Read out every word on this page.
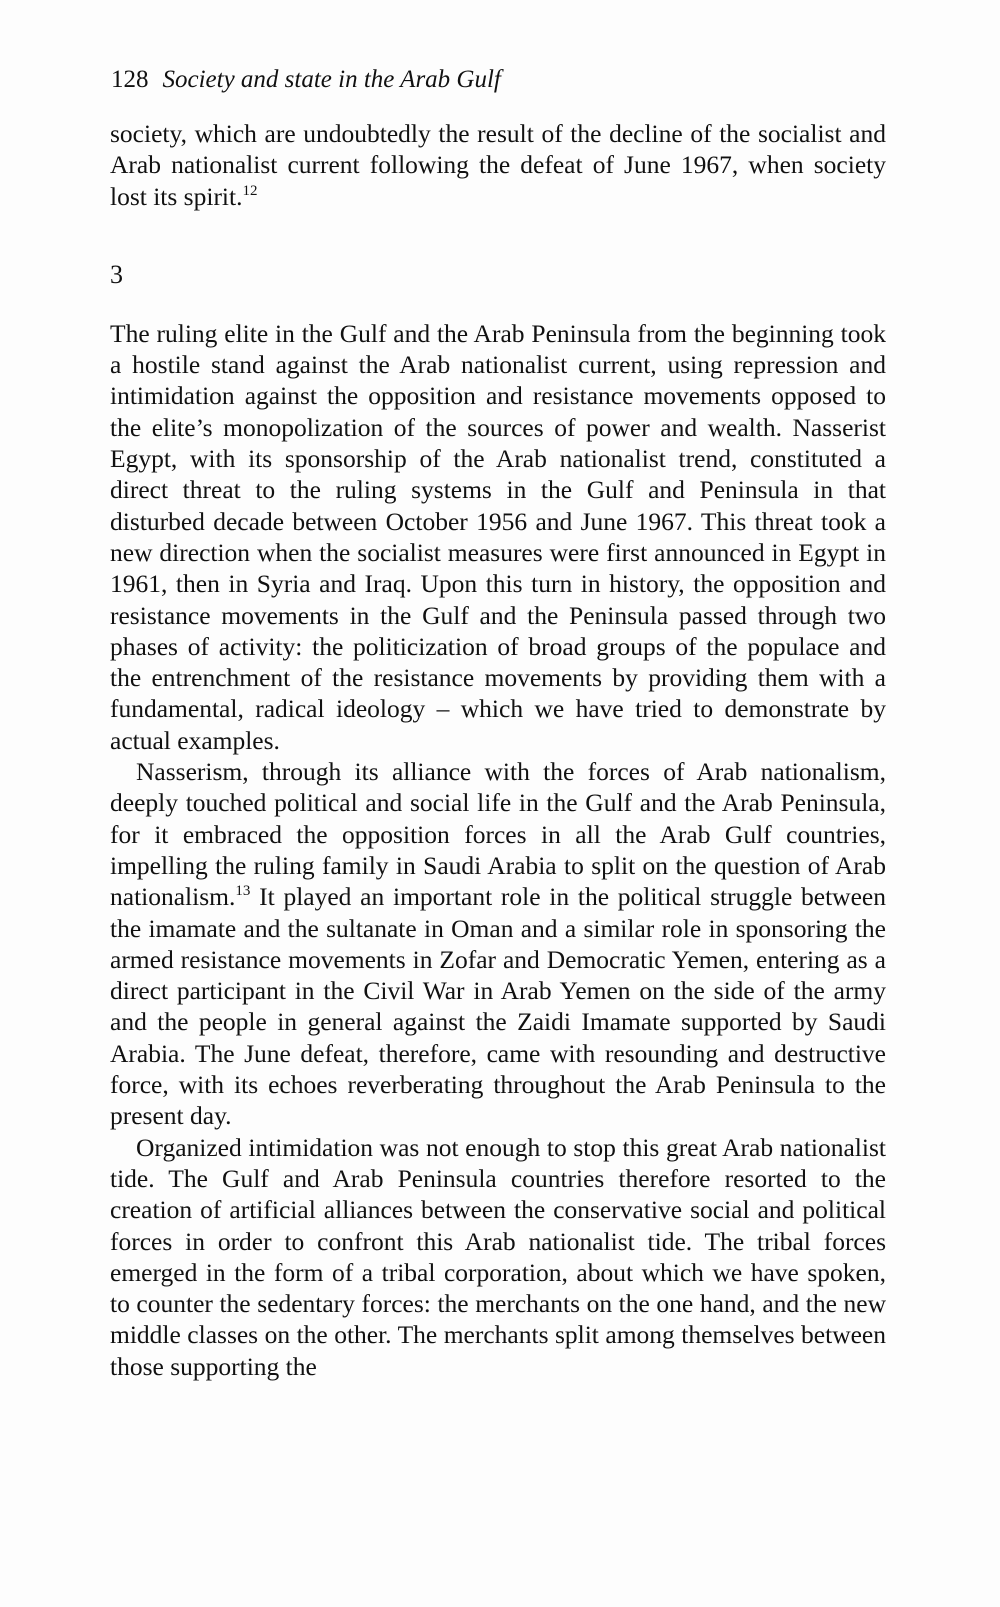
128 Society and state in the Arab Gulf

society, which are undoubtedly the result of the decline of the socialist and Arab nationalist current following the defeat of June 1967, when society lost its spirit.$^{12}$

3

The ruling elite in the Gulf and the Arab Peninsula from the beginning took a hostile stand against the Arab nationalist current, using repression and intimidation against the opposition and resistance movements opposed to the elite’s monopolization of the sources of power and wealth. Nasserist Egypt, with its sponsorship of the Arab nationalist trend, constituted a direct threat to the ruling systems in the Gulf and Peninsula in that disturbed decade between October 1956 and June 1967. This threat took a new direction when the socialist measures were first announced in Egypt in 1961, then in Syria and Iraq. Upon this turn in history, the opposition and resistance movements in the Gulf and the Peninsula passed through two phases of activity: the politicization of broad groups of the populace and the entrenchment of the resistance movements by providing them with a fundamental, radical ideology – which we have tried to demonstrate by actual examples.

Nasserism, through its alliance with the forces of Arab nationalism, deeply touched political and social life in the Gulf and the Arab Peninsula, for it embraced the opposition forces in all the Arab Gulf countries, impelling the ruling family in Saudi Arabia to split on the question of Arab nationalism.$^{13}$ It played an important role in the political struggle between the imamate and the sultanate in Oman and a similar role in sponsoring the armed resistance movements in Zofar and Democratic Yemen, entering as a direct participant in the Civil War in Arab Yemen on the side of the army and the people in general against the Zaidi Imamate supported by Saudi Arabia. The June defeat, therefore, came with resounding and destructive force, with its echoes reverberating throughout the Arab Peninsula to the present day.

Organized intimidation was not enough to stop this great Arab nationalist tide. The Gulf and Arab Peninsula countries therefore resorted to the creation of artificial alliances between the conservative social and political forces in order to confront this Arab nationalist tide. The tribal forces emerged in the form of a tribal corporation, about which we have spoken, to counter the sedentary forces: the merchants on the one hand, and the new middle classes on the other. The merchants split among themselves between those supporting the
